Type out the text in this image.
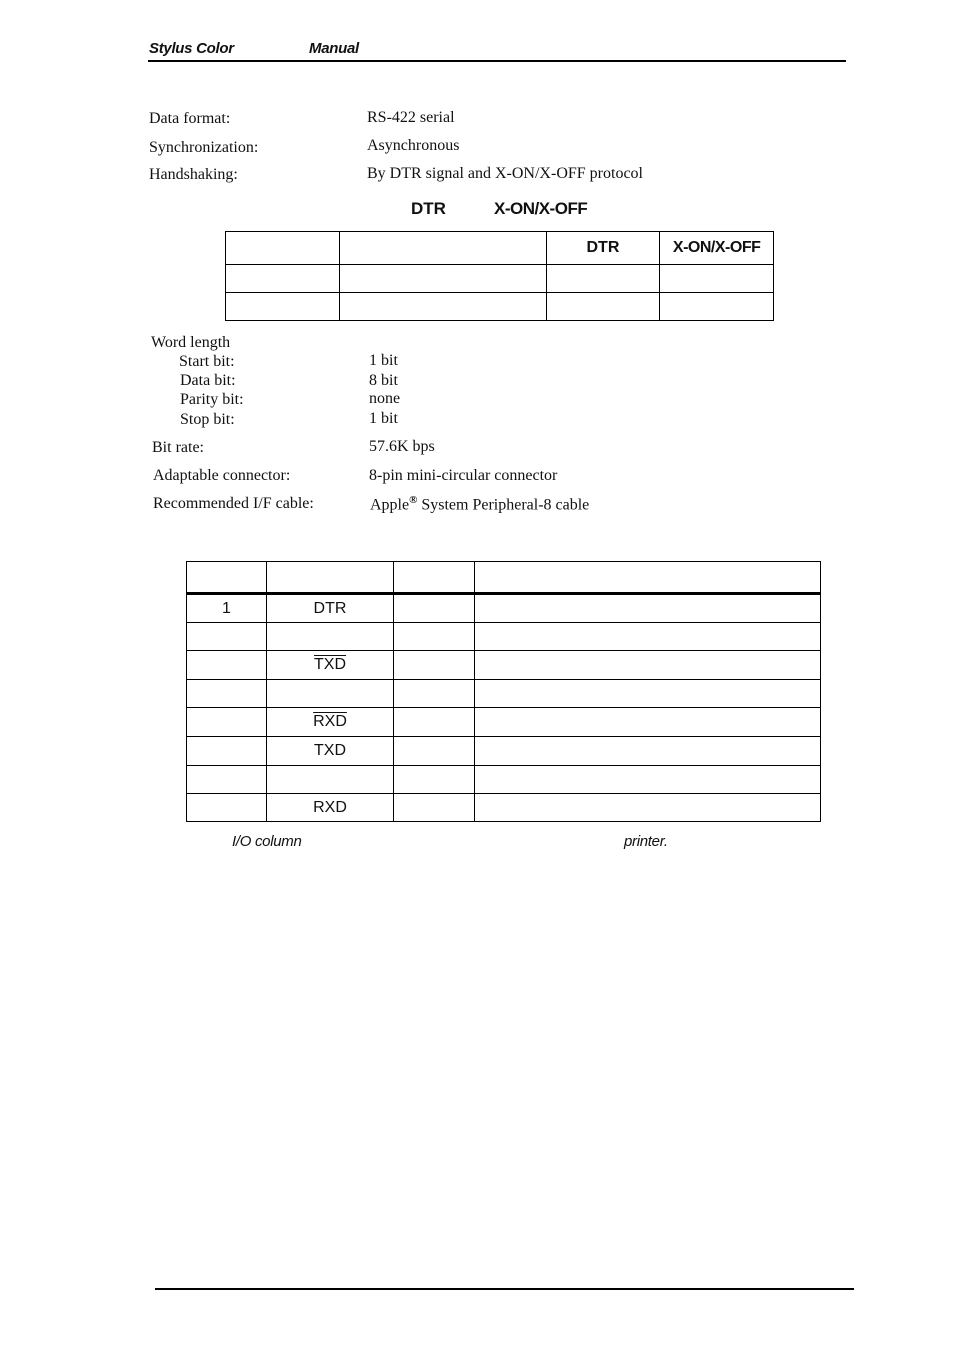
Stylus Color	Manual
Data format:	RS-422 serial
Synchronization:	Asynchronous
Handshaking:	By DTR signal and X-ON/X-OFF protocol
DTR	X-ON/X-OFF
		DTR	X-ON/X-OFF

Word length
Start bit:	1 bit
Data bit:	8 bit
Parity bit:	none
Stop bit:	1 bit
Bit rate:	57.6K bps
Adaptable connector:	8-pin mini-circular connector
Recommended I/F cable:	Apple® System Peripheral-8 cable

1	DTR		

	$\overline{TXD}$		

	$\overline{RXD}$		
	TXD		

	RXD		
I/O column	printer.
